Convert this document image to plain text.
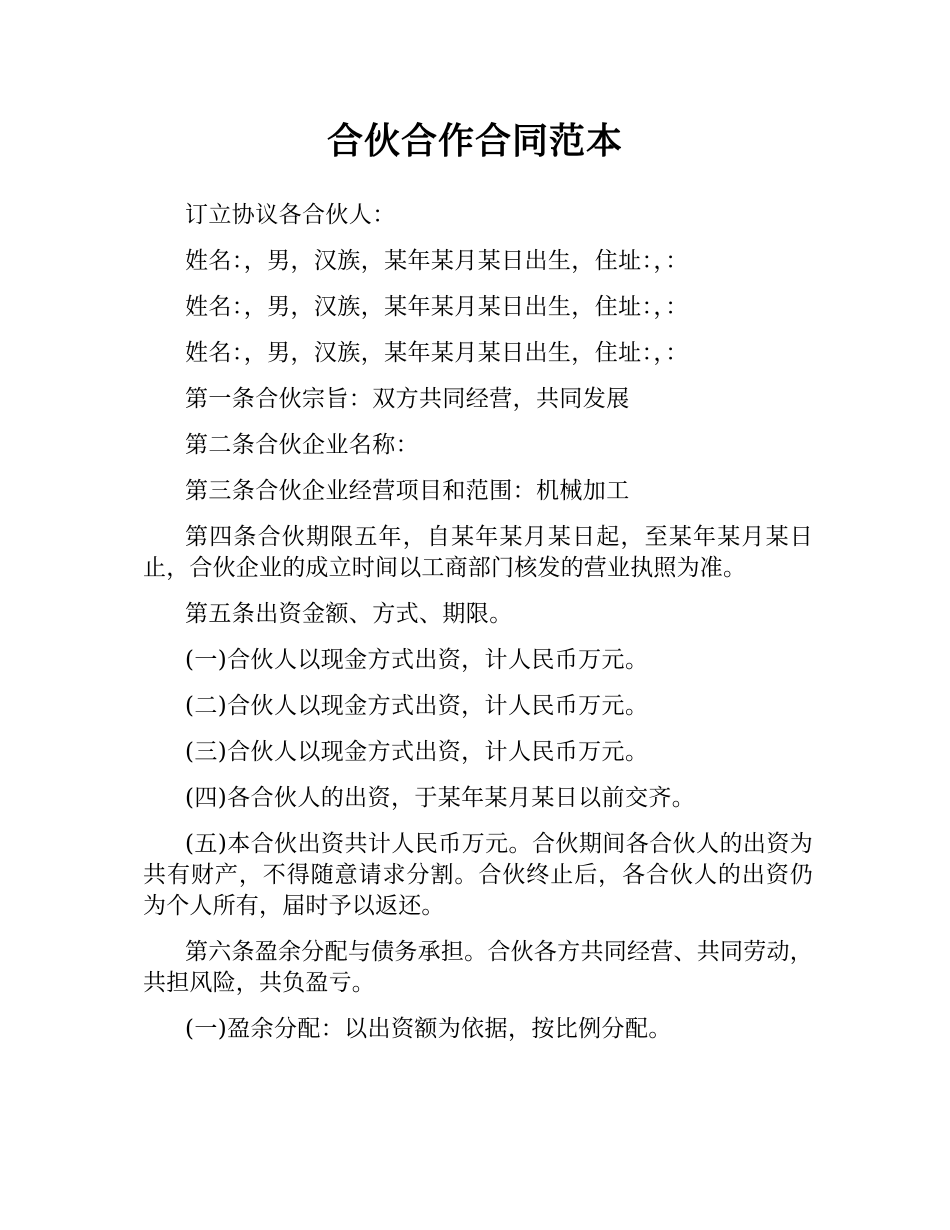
合伙合作合同范本

订立协议各合伙人：

姓名：，男，汉族，某年某月某日出生，住址：，：

姓名：，男，汉族，某年某月某日出生，住址：，：

姓名：，男，汉族，某年某月某日出生，住址：，：

第一条合伙宗旨：双方共同经营，共同发展

第二条合伙企业名称：

第三条合伙企业经营项目和范围：机械加工

第四条合伙期限五年，自某年某月某日起，至某年某月某日止，合伙企业的成立时间以工商部门核发的营业执照为准。

第五条出资金额、方式、期限。

(一)合伙人以现金方式出资，计人民币万元。

(二)合伙人以现金方式出资，计人民币万元。

(三)合伙人以现金方式出资，计人民币万元。

(四)各合伙人的出资，于某年某月某日以前交齐。

(五)本合伙出资共计人民币万元。合伙期间各合伙人的出资为共有财产，不得随意请求分割。合伙终止后，各合伙人的出资仍为个人所有，届时予以返还。

第六条盈余分配与债务承担。合伙各方共同经营、共同劳动，共担风险，共负盈亏。

(一)盈余分配：以出资额为依据，按比例分配。
